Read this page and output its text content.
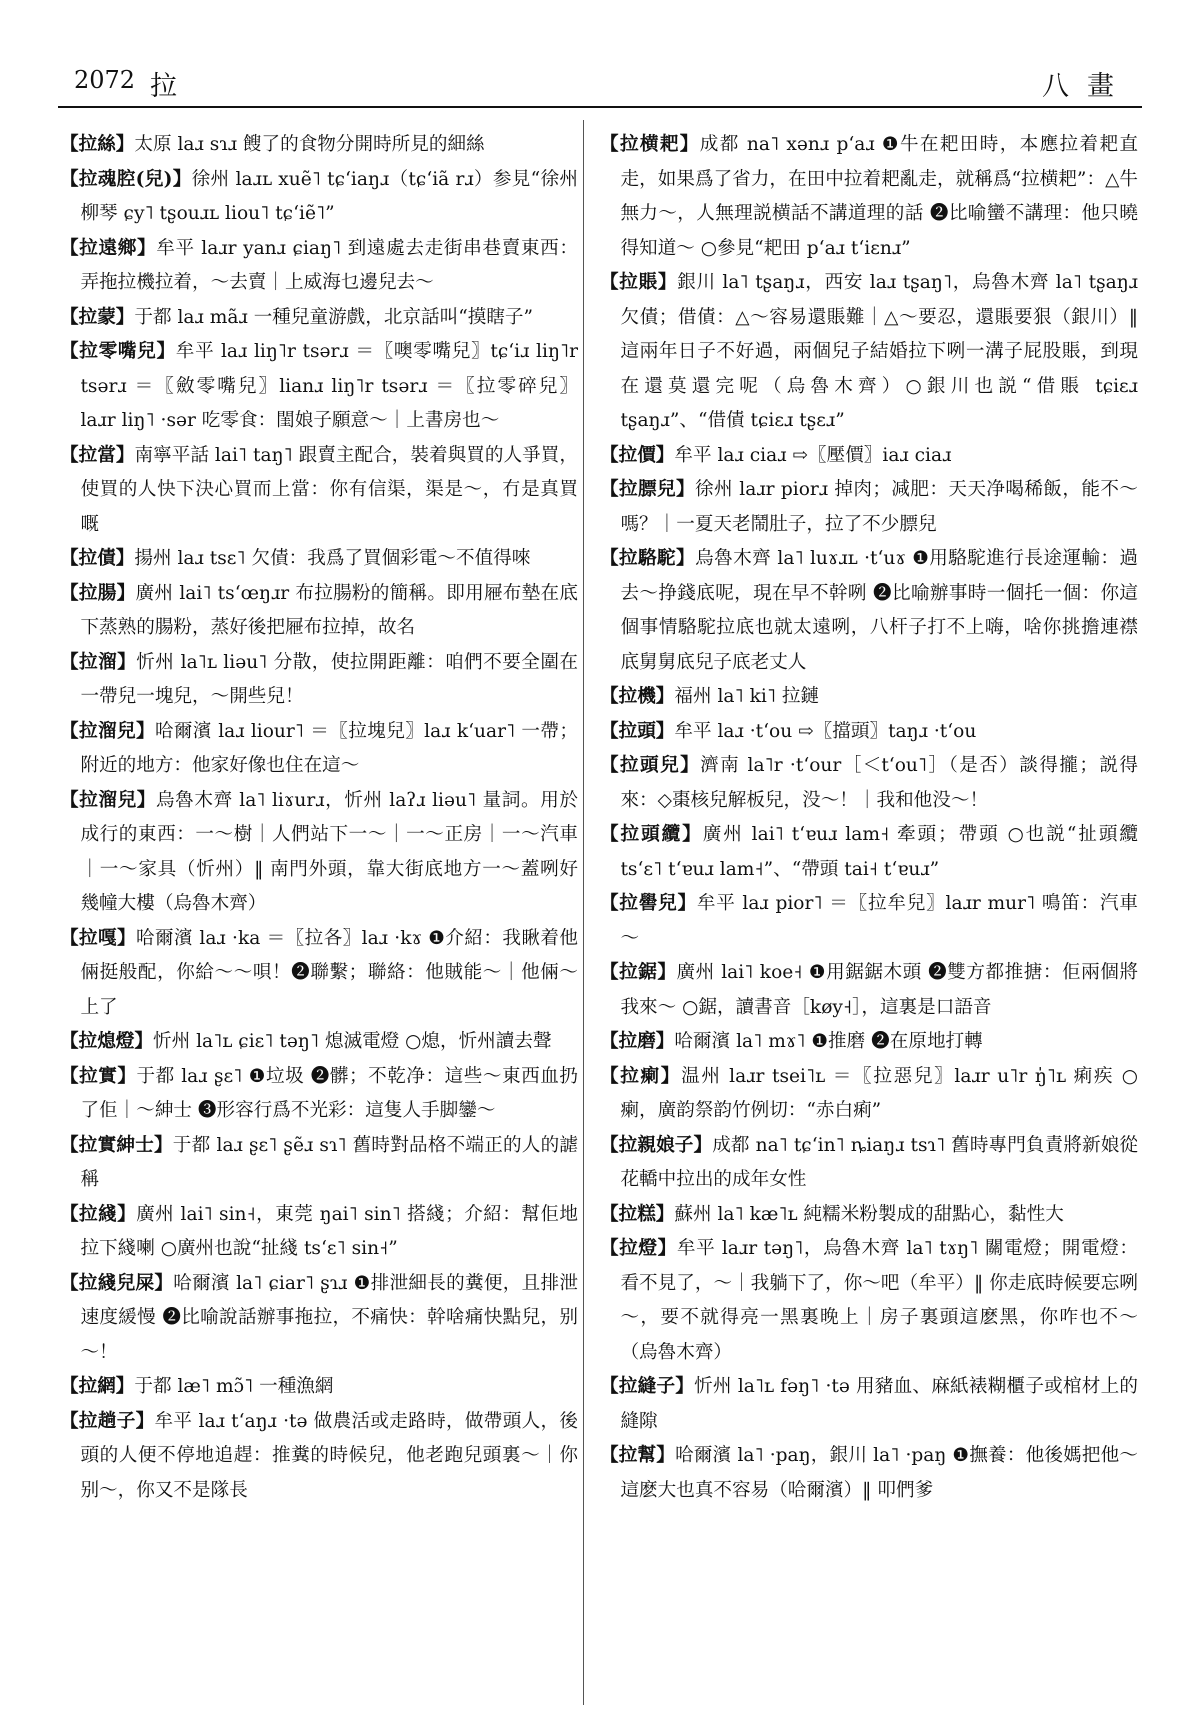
2072 拉	八畫

【拉絲】太原 laɹ sɿɹ 餿了的食物分開時所見的細絲

【拉魂腔(兒)】徐州 laɹʟ xuẽ˥ tɕʻiaŋɹ（tɕʻiã rɹ）参見“徐州柳琴 ɕy˥ tʂouɹʟ liou˥ tɕʻiẽ˥”

【拉遠鄉】牟平 laɹr yanɹ ɕiaŋ˥ 到遠處去走街串巷賣東西：弄拖拉機拉着，～去賣｜上威海乜邊兒去～

【拉蒙】于都 laɹ mãɹ 一種兒童游戲，北京話叫“摸瞎子”

【拉零嘴兒】牟平 laɹ liŋ˥r tsərɹ ＝〖噢零嘴兒〗tɕʻiɹ liŋ˥r tsərɹ ＝〖斂零嘴兒〗lianɹ liŋ˥r tsərɹ ＝〖拉零碎兒〗laɹr liŋ˥ ·sər 吃零食：閨娘子願意～｜上書房也～

【拉當】南寧平話 lai˥ taŋ˥ 跟賣主配合，裝着與買的人爭買，使買的人快下決心買而上當：你有信渠，渠是～，冇是真買嘅

【拉債】揚州 laɹ tsɛ˥ 欠債：我爲了買個彩電～不值得唻

【拉腸】廣州 lai˥ tsʻœŋɹr 布拉腸粉的簡稱。即用屜布墊在底下蒸熟的腸粉，蒸好後把屜布拉掉，故名

【拉溜】忻州 la˥ʟ liəu˥ 分散，使拉開距離：咱們不要全圍在一帶兒一塊兒，～開些兒！

【拉溜兒】哈爾濱 laɹ liour˥ ＝〖拉塊兒〗laɹ kʻuar˥ 一帶；附近的地方：他家好像也住在這～

【拉溜兒】烏魯木齊 la˥ liɤurɹ，忻州 laʔɹ liəu˥ 量詞。用於成行的東西：一～樹｜人們站下一～｜一～正房｜一～汽車｜一～家具（忻州）‖ 南門外頭，靠大街底地方一～蓋咧好幾幢大樓（烏魯木齊）

【拉嘎】哈爾濱 laɹ ·ka ＝〖拉各〗laɹ ·kɤ ❶介紹：我瞅着他倆挺般配，你給～～唄！❷聯繫；聯絡：他賊能～｜他倆～上了

【拉熄燈】忻州 la˥ʟ ɕiɛ˥ təŋ˥ 熄滅電燈 ○熄，忻州讀去聲

【拉實】于都 laɹ ʂɛ˥ ❶垃圾 ❷髒；不乾净：這些～東西血扔了佢｜～紳士 ❸形容行爲不光彩：這隻人手脚鑾～

【拉實紳士】于都 laɹ ʂɛ˥ ʂẽɹ sɿ˥ 舊時對品格不端正的人的謔稱

【拉綫】廣州 lai˥ sin˧，東莞 ŋai˥ sin˥ 搭綫；介紹：幫佢地拉下綫喇 ○廣州也說“扯綫 tsʻɛ˥ sin˧”

【拉綫兒屎】哈爾濱 la˥ ɕiar˥ ʂɿɹ ❶排泄細長的糞便，且排泄速度緩慢 ❷比喻說話辦事拖拉，不痛快：幹啥痛快點兒，别～！

【拉網】于都 læ˥ mɔ̃˥ 一種漁網

【拉趟子】牟平 laɹ tʻaŋɹ ·tə 做農活或走路時，做帶頭人，後頭的人便不停地追趕：推糞的時候兒，他老跑兒頭裏～｜你别～，你又不是隊長

【拉横耙】成都 na˥ xənɹ pʻaɹ ❶牛在耙田時，本應拉着耙直走，如果爲了省力，在田中拉着耙亂走，就稱爲“拉横耙”：△牛無力～，人無理説横話不講道理的話 ❷比喻蠻不講理：他只曉得知道～ ○參見“耙田 pʻaɹ tʻiɛnɹ”

【拉賬】銀川 la˥ tʂaŋɹ，西安 laɹ tʂaŋ˥，烏魯木齊 la˥ tʂaŋɹ 欠債；借債：△～容易還賬難｜△～要忍，還賬要狠（銀川）‖ 這兩年日子不好過，兩個兒子結婚拉下咧一溝子屁股賬，到現在還莫還完呢（烏魯木齊）○銀川也説“借賬 tɕiɛɹ tʂaŋɹ”、“借債 tɕiɛɹ tʂɛɹ”

【拉價】牟平 laɹ ciaɹ ⇨〖壓價〗iaɹ ciaɹ

【拉膘兒】徐州 laɹr piorɹ 掉肉；减肥：天天净喝稀飯，能不～嗎？｜一夏天老鬧肚子，拉了不少膘兒

【拉駱駝】烏魯木齊 la˥ luɤɹʟ ·tʻuɤ ❶用駱駝進行長途運輸：過去～挣錢底呢，現在早不幹咧 ❷比喻辦事時一個托一個：你這個事情駱駝拉底也就太遠咧，八杆子打不上嗨，啥你挑擔連襟底舅舅底兒子底老丈人

【拉機】福州 la˥ ki˥ 拉鏈

【拉頭】牟平 laɹ ·tʻou ⇨〖擋頭〗taŋɹ ·tʻou

【拉頭兒】濟南 la˥r ·tʻour［＜tʻou˥］（是否）談得攏；説得來：◇棗核兒解板兒，没～！｜我和他没～！

【拉頭纜】廣州 lai˥ tʻɐuɹ lam˧ 牽頭；帶頭 ○也説“扯頭纜 tsʻɛ˥ tʻɐuɹ lam˧”、“帶頭 tai˧ tʻɐuɹ”

【拉嚳兒】牟平 laɹ pior˥ ＝〖拉牟兒〗laɹr mur˥ 鳴笛：汽車～

【拉鋸】廣州 lai˥ koe˧ ❶用鋸鋸木頭 ❷雙方都推搪：佢兩個將我來～ ○鋸，讀書音［køy˧］，這裏是口語音

【拉磨】哈爾濱 la˥ mɤ˥ ❶推磨 ❷在原地打轉

【拉瘌】温州 laɹr tsei˥ʟ ＝〖拉惡兒〗laɹr u˥r ŋ̍˥ʟ 痢疾 ○瘌，廣韵祭韵竹例切：“赤白痢”

【拉親娘子】成都 na˥ tɕʻin˥ ȵiaŋɹ tsɿ˥ 舊時專門負責將新娘從花轎中拉出的成年女性

【拉糕】蘇州 la˥ kæ˥ʟ 純糯米粉製成的甜點心，黏性大

【拉燈】牟平 laɹr təŋ˥，烏魯木齊 la˥ tɤŋ˥ 關電燈；開電燈：看不見了，～｜我躺下了，你～吧（牟平）‖ 你走底時候要忘咧～，要不就得亮一黑裏晚上｜房子裏頭這麽黑，你咋也不～（烏魯木齊）

【拉縫子】忻州 la˥ʟ fəŋ˥ ·tə 用豬血、麻紙裱糊櫃子或棺材上的縫隙

【拉幫】哈爾濱 la˥ ·paŋ，銀川 la˥ ·paŋ ❶撫養：他後媽把他～這麽大也真不容易（哈爾濱）‖ 叩們爹
